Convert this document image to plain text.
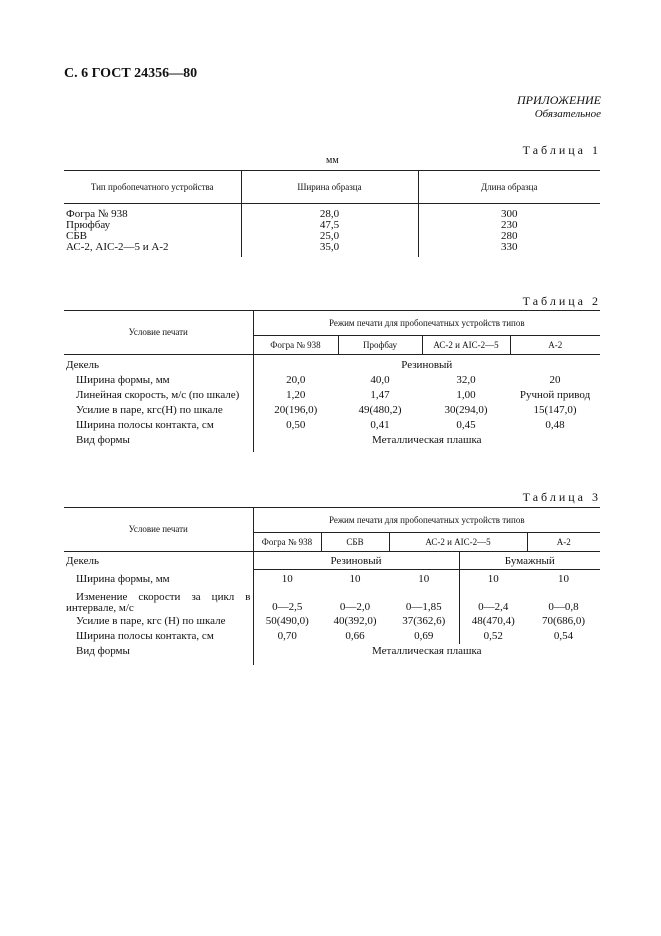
С. 6 ГОСТ 24356—80
ПРИЛОЖЕНИЕ
Обязательное
Таблица 1
мм
Тип пробопечатного устройства	Ширина образца	Длина образца
Фогра № 938	28,0	300
Прюфбау	47,5	230
СБВ	25,0	280
АС-2, АIС-2—5 и А-2	35,0	330
Таблица 2
Условие печати	Режим печати для пробопечатных устройств типов			
	Фогра № 938	Профбау	АС-2 и АIС-2—5	А-2
Декель	Резиновый			
Ширина формы, мм	20,0	40,0	32,0	20
Линейная скорость, м/с (по шкале)	1,20	1,47	1,00	Ручной привод
Усилие в паре, кгс(Н) по шкале	20(196,0)	49(480,2)	30(294,0)	15(147,0)
Ширина полосы контакта, см	0,50	0,41	0,45	0,48
Вид формы	Металлическая плашка			
Таблица 3
Условие печати	Режим печати для пробопечатных устройств типов				
	Фогра № 938	СБВ	АС-2 и АIС-2—5		А-2
Декель	Резиновый			Бумажный	
Ширина формы, мм	10	10	10	10	10

Изменение скорости за цикл в
интервале, м/с	0—2,5	0—2,0	0—1,85	0—2,4	0—0,8
Усилие в паре, кгс (Н) по шкале	50(490,0)	40(392,0)	37(362,6)	48(470,4)	70(686,0)
Ширина полосы контакта, см	0,70	0,66	0,69	0,52	0,54
Вид формы	Металлическая плашка				
